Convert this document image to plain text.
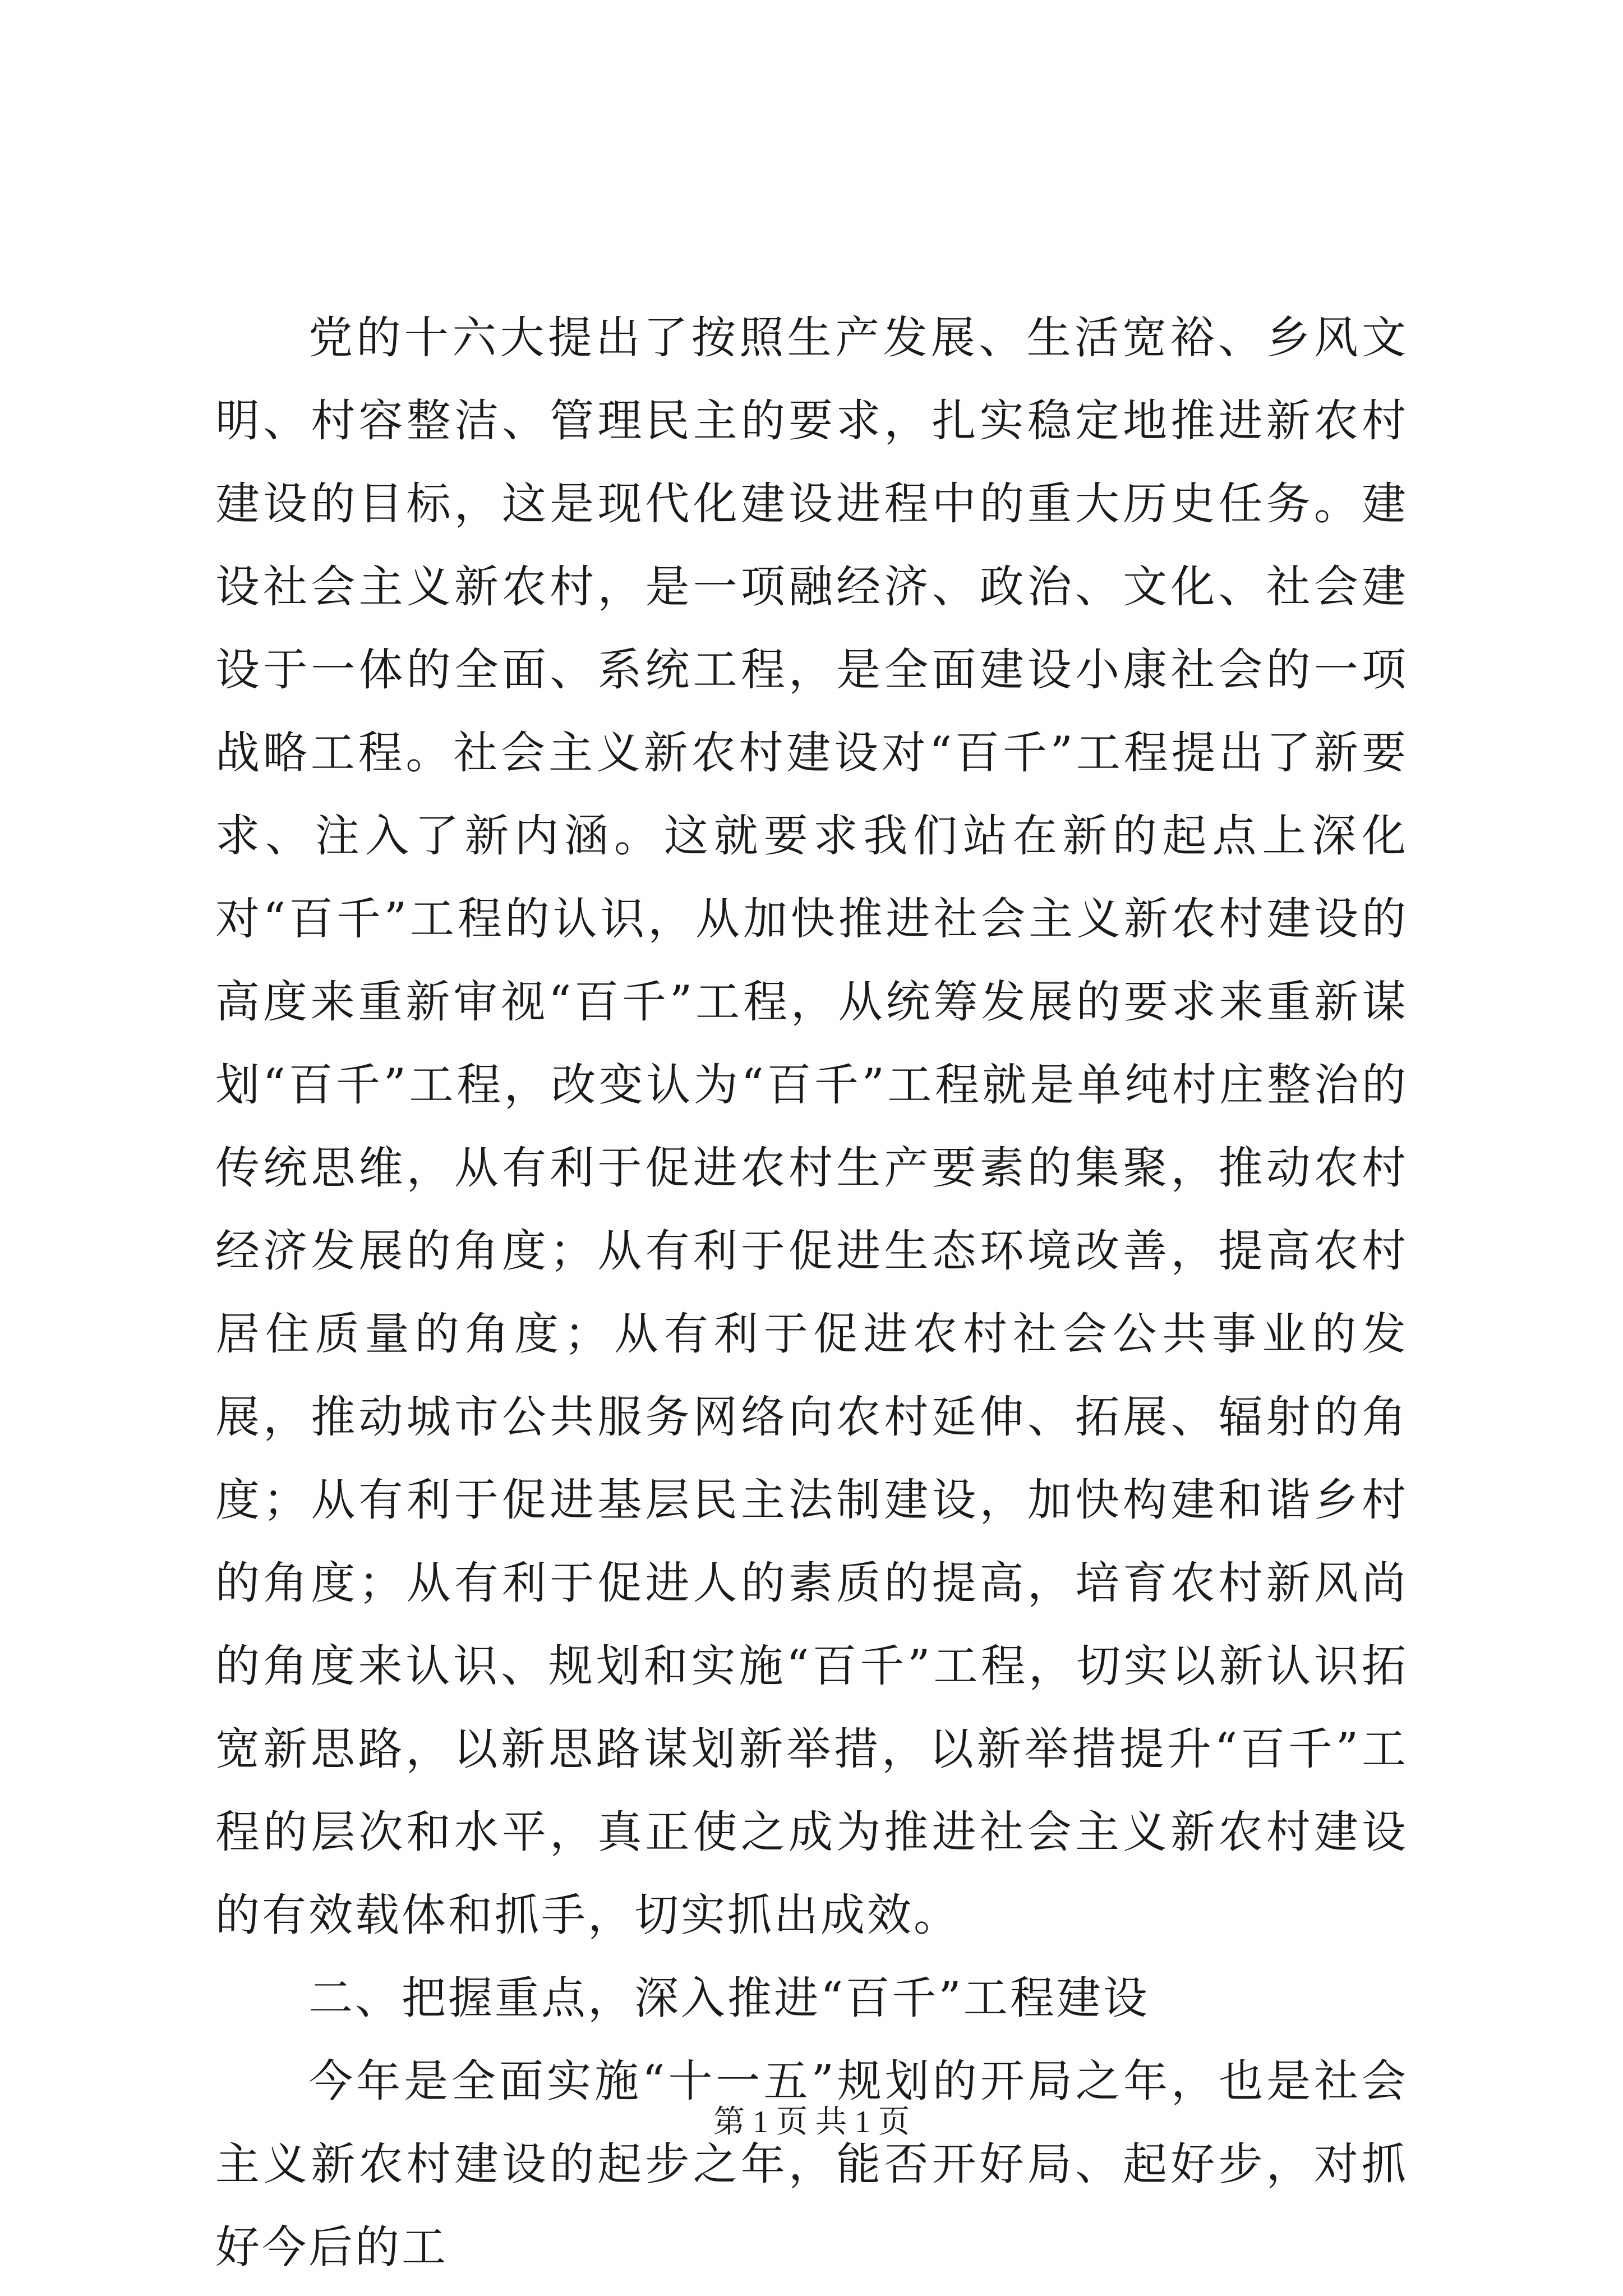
党的十六大提出了按照生产发展、生活宽裕、乡风文明、村容整洁、管理民主的要求，扎实稳定地推进新农村建设的目标，这是现代化建设进程中的重大历史任务。建设社会主义新农村，是一项融经济、政治、文化、社会建设于一体的全面、系统工程，是全面建设小康社会的一项战略工程。社会主义新农村建设对“百千”工程提出了新要求、注入了新内涵。这就要求我们站在新的起点上深化对“百千”工程的认识，从加快推进社会主义新农村建设的高度来重新审视“百千”工程，从统筹发展的要求来重新谋划“百千”工程，改变认为“百千”工程就是单纯村庄整治的传统思维，从有利于促进农村生产要素的集聚，推动农村经济发展的角度；从有利于促进生态环境改善，提高农村居住质量的角度；从有利于促进农村社会公共事业的发展，推动城市公共服务网络向农村延伸、拓展、辐射的角度；从有利于促进基层民主法制建设，加快构建和谐乡村的角度；从有利于促进人的素质的提高，培育农村新风尚的角度来认识、规划和实施“百千”工程，切实以新认识拓宽新思路，以新思路谋划新举措，以新举措提升“百千”工程的层次和水平，真正使之成为推进社会主义新农村建设的有效载体和抓手，切实抓出成效。

二、把握重点，深入推进“百千”工程建设

今年是全面实施“十一五”规划的开局之年，也是社会主义新农村建设的起步之年，能否开好局、起好步，对抓好今后的工

第 1 页 共 1 页
